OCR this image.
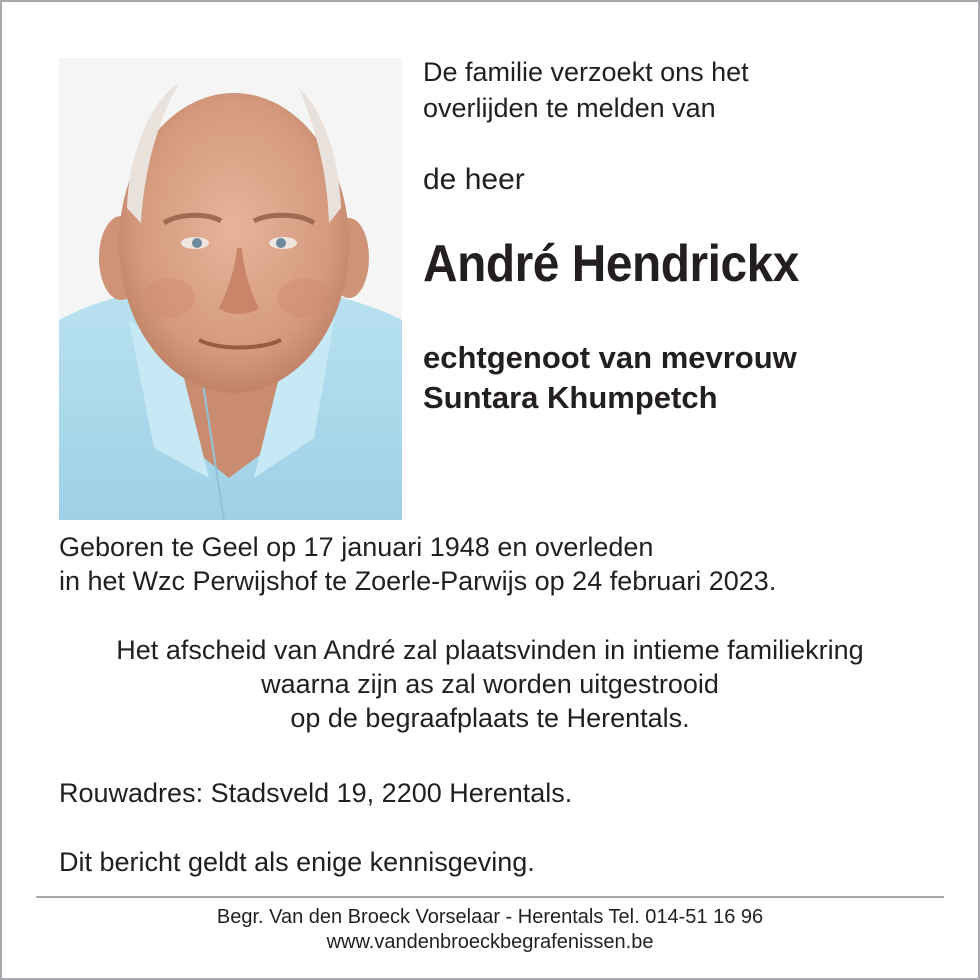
De familie verzoekt ons het
overlijden te melden van
de heer
André Hendrickx
echtgenoot van mevrouw
Suntara Khumpetch
Geboren te Geel op 17 januari 1948 en overleden
in het Wzc Perwijshof te Zoerle-Parwijs op 24 februari 2023.
Het afscheid van André zal plaatsvinden in intieme familiekring
waarna zijn as zal worden uitgestrooid
op de begraafplaats te Herentals.
Rouwadres: Stadsveld 19, 2200 Herentals.
Dit bericht geldt als enige kennisgeving.
Begr. Van den Broeck Vorselaar - Herentals Tel. 014-51 16 96
www.vandenbroeckbegrafenissen.be
